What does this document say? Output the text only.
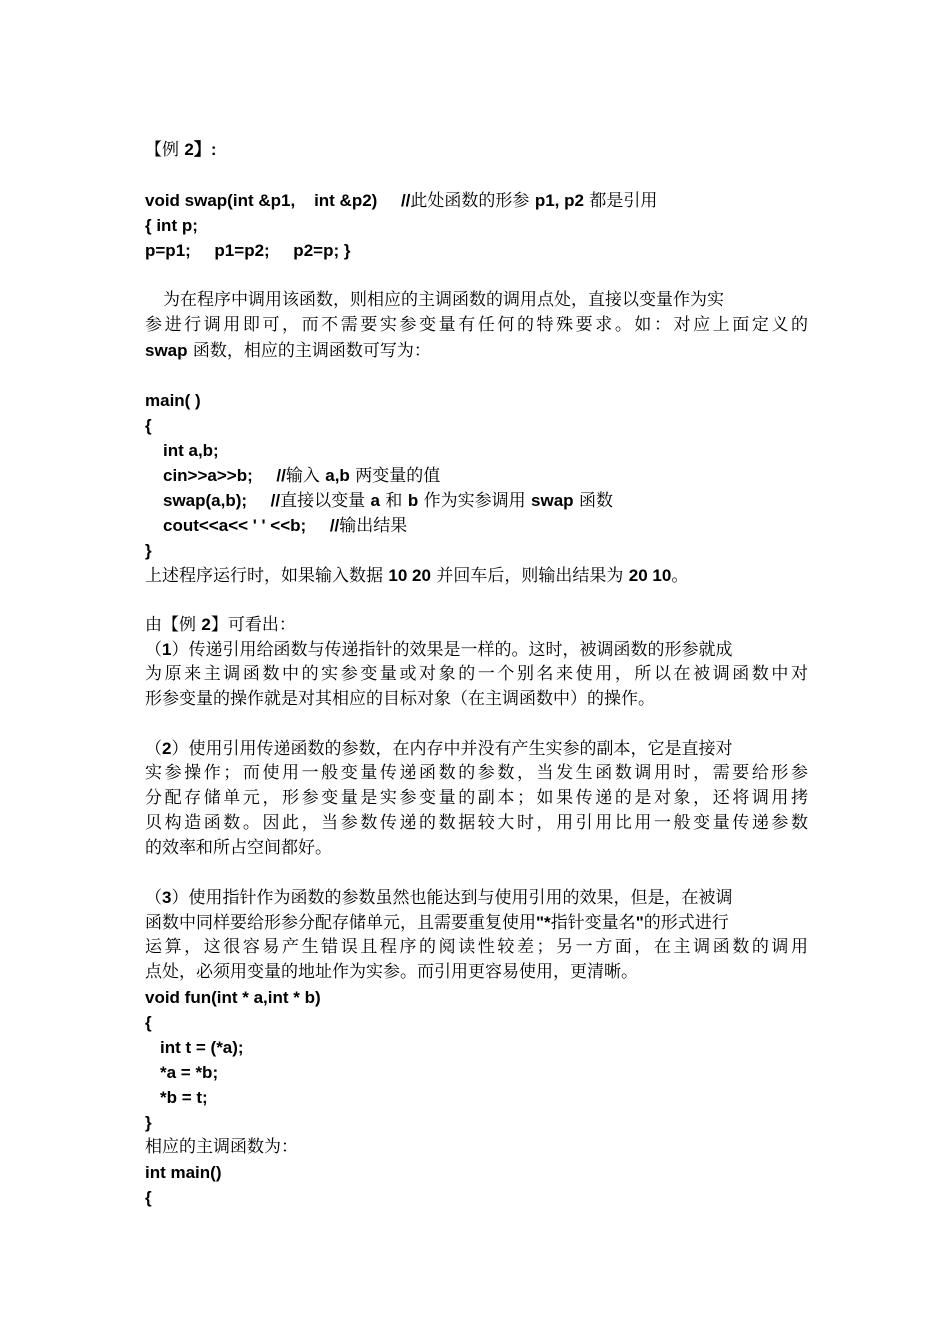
【例 2】:
void swap(int &p1,    int &p2)     //此处函数的形参 p1, p2 都是引用
{ int p;
p=p1;     p1=p2;     p2=p; }
为在程序中调用该函数，则相应的主调函数的调用点处，直接以变量作为实
参进行调用即可，而不需要实参变量有任何的特殊要求。如：对应上面定义的
swap 函数，相应的主调函数可写为：
main( )
{
int a,b;
cin>>a>>b;     //输入 a,b 两变量的值
swap(a,b);     //直接以变量 a 和 b 作为实参调用 swap 函数
cout<<a<< ' ' <<b;     //输出结果
}
上述程序运行时，如果输入数据 10 20 并回车后，则输出结果为 20 10。
由【例 2】可看出：
（1）传递引用给函数与传递指针的效果是一样的。这时，被调函数的形参就成
为原来主调函数中的实参变量或对象的一个别名来使用，所以在被调函数中对
形参变量的操作就是对其相应的目标对象（在主调函数中）的操作。
（2）使用引用传递函数的参数，在内存中并没有产生实参的副本，它是直接对
实参操作；而使用一般变量传递函数的参数，当发生函数调用时，需要给形参
分配存储单元，形参变量是实参变量的副本；如果传递的是对象，还将调用拷
贝构造函数。因此，当参数传递的数据较大时，用引用比用一般变量传递参数
的效率和所占空间都好。
（3）使用指针作为函数的参数虽然也能达到与使用引用的效果，但是，在被调
函数中同样要给形参分配存储单元，且需要重复使用"*指针变量名"的形式进行
运算，这很容易产生错误且程序的阅读性较差；另一方面，在主调函数的调用
点处，必须用变量的地址作为实参。而引用更容易使用，更清晰。
void fun(int * a,int * b)
{
int t = (*a);
*a = *b;
*b = t;
}
相应的主调函数为：
int main()
{
